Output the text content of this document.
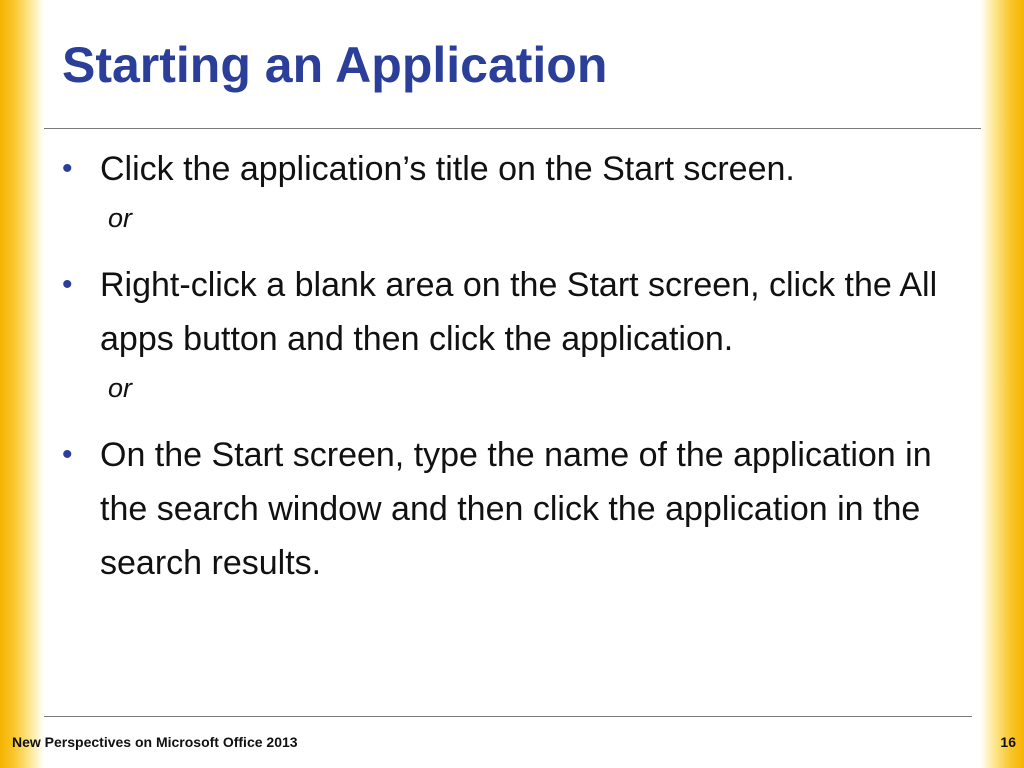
Starting an Application
• Click the application’s title on the Start screen.
or
• Right-click a blank area on the Start screen, click the All apps button and then click the application.
or
• On the Start screen, type the name of the application in the search window and then click the application in the search results.
New Perspectives on Microsoft Office 2013	16
